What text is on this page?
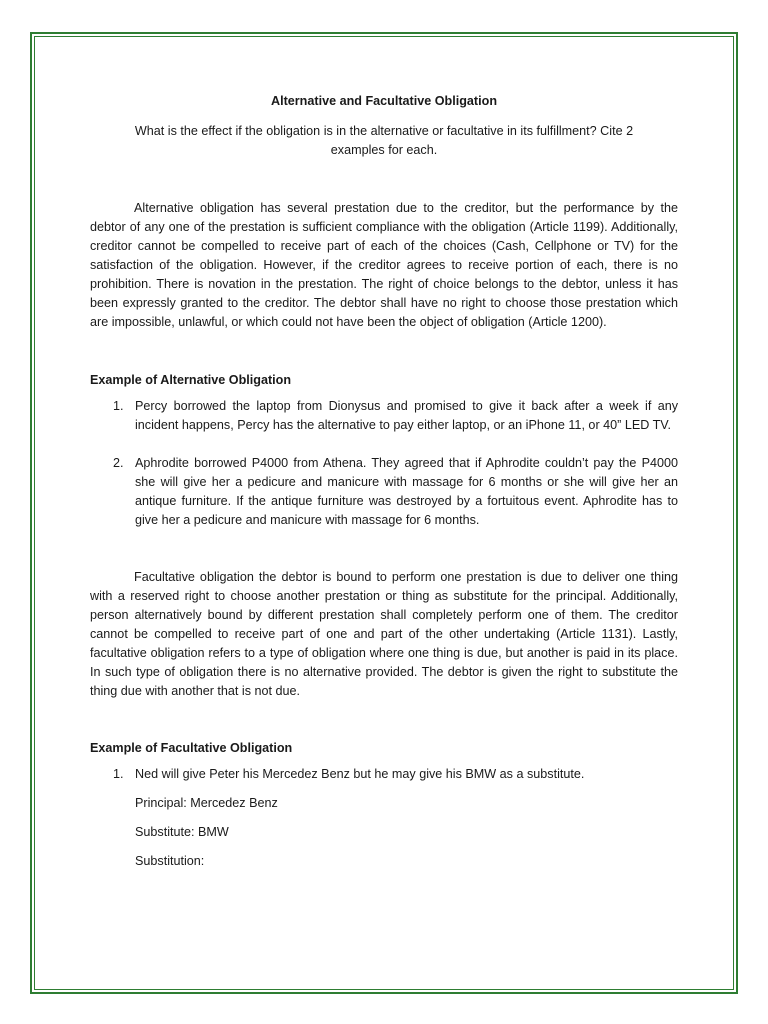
Alternative and Facultative Obligation

What is the effect if the obligation is in the alternative or facultative in its fulfillment? Cite 2 examples for each.

Alternative obligation has several prestation due to the creditor, but the performance by the debtor of any one of the prestation is sufficient compliance with the obligation (Article 1199). Additionally, creditor cannot be compelled to receive part of each of the choices (Cash, Cellphone or TV) for the satisfaction of the obligation. However, if the creditor agrees to receive portion of each, there is no prohibition. There is novation in the prestation. The right of choice belongs to the debtor, unless it has been expressly granted to the creditor. The debtor shall have no right to choose those prestation which are impossible, unlawful, or which could not have been the object of obligation (Article 1200).

Example of Alternative Obligation

1. Percy borrowed the laptop from Dionysus and promised to give it back after a week if any incident happens, Percy has the alternative to pay either laptop, or an iPhone 11, or 40” LED TV.
2. Aphrodite borrowed P4000 from Athena. They agreed that if Aphrodite couldn’t pay the P4000 she will give her a pedicure and manicure with massage for 6 months or she will give her an antique furniture. If the antique furniture was destroyed by a fortuitous event. Aphrodite has to give her a pedicure and manicure with massage for 6 months.

Facultative obligation the debtor is bound to perform one prestation is due to deliver one thing with a reserved right to choose another prestation or thing as substitute for the principal. Additionally, person alternatively bound by different prestation shall completely perform one of them. The creditor cannot be compelled to receive part of one and part of the other undertaking (Article 1131). Lastly, facultative obligation refers to a type of obligation where one thing is due, but another is paid in its place. In such type of obligation there is no alternative provided. The debtor is given the right to substitute the thing due with another that is not due.

Example of Facultative Obligation

1. Ned will give Peter his Mercedez Benz but he may give his BMW as a substitute.

Principal: Mercedez Benz

Substitute: BMW

Substitution:
